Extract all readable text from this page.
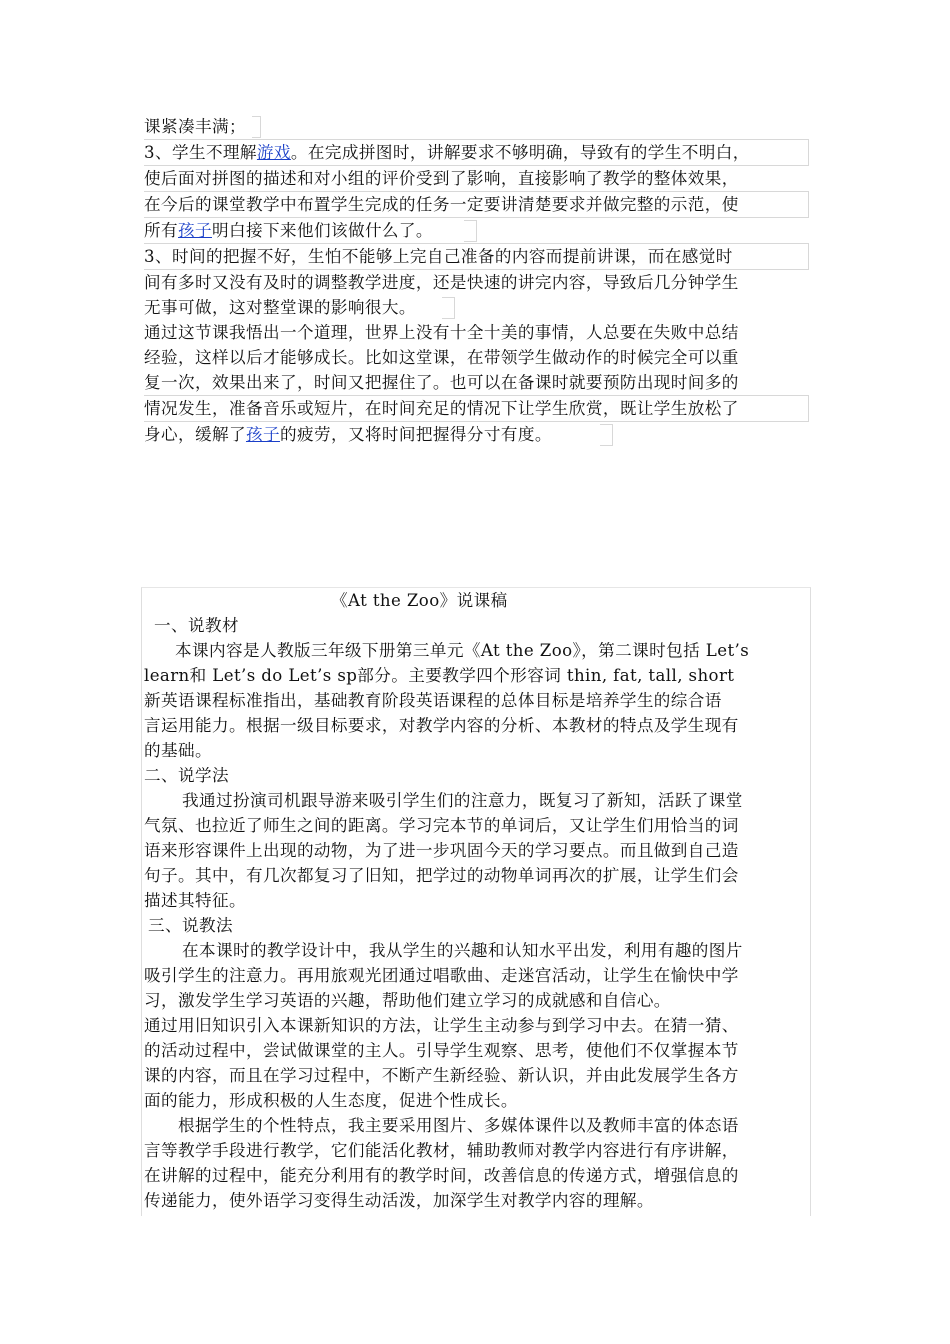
课紧凑丰满；
3、学生不理解游戏。在完成拼图时，讲解要求不够明确，导致有的学生不明白，
使后面对拼图的描述和对小组的评价受到了影响，直接影响了教学的整体效果，
在今后的课堂教学中布置学生完成的任务一定要讲清楚要求并做完整的示范，使
所有孩子明白接下来他们该做什么了。
3、时间的把握不好，生怕不能够上完自己准备的内容而提前讲课，而在感觉时
间有多时又没有及时的调整教学进度，还是快速的讲完内容，导致后几分钟学生
无事可做，这对整堂课的影响很大。
通过这节课我悟出一个道理，世界上没有十全十美的事情，人总要在失败中总结
经验，这样以后才能够成长。比如这堂课，在带领学生做动作的时候完全可以重
复一次，效果出来了，时间又把握住了。也可以在备课时就要预防出现时间多的
情况发生，准备音乐或短片，在时间充足的情况下让学生欣赏，既让学生放松了
身心，缓解了孩子的疲劳，又将时间把握得分寸有度。
《At the Zoo》说课稿
一、说教材
本课内容是人教版三年级下册第三单元《At the Zoo》，第二课时包括 Let’s
learn和 Let’s do Let’s sp部分。主要教学四个形容词 thin, fat, tall, short
新英语课程标准指出，基础教育阶段英语课程的总体目标是培养学生的综合语
言运用能力。根据一级目标要求，对教学内容的分析、本教材的特点及学生现有
的基础。
二、说学法
我通过扮演司机跟导游来吸引学生们的注意力，既复习了新知，活跃了课堂
气氛、也拉近了师生之间的距离。学习完本节的单词后，又让学生们用恰当的词
语来形容课件上出现的动物，为了进一步巩固今天的学习要点。而且做到自己造
句子。其中，有几次都复习了旧知，把学过的动物单词再次的扩展，让学生们会
描述其特征。
三、说教法
在本课时的教学设计中，我从学生的兴趣和认知水平出发，利用有趣的图片
吸引学生的注意力。再用旅观光团通过唱歌曲、走迷宫活动，让学生在愉快中学
习，激发学生学习英语的兴趣，帮助他们建立学习的成就感和自信心。
通过用旧知识引入本课新知识的方法，让学生主动参与到学习中去。在猜一猜、
的活动过程中，尝试做课堂的主人。引导学生观察、思考，使他们不仅掌握本节
课的内容，而且在学习过程中，不断产生新经验、新认识，并由此发展学生各方
面的能力，形成积极的人生态度，促进个性成长。
根据学生的个性特点，我主要采用图片、多媒体课件以及教师丰富的体态语
言等教学手段进行教学，它们能活化教材，辅助教师对教学内容进行有序讲解，
在讲解的过程中，能充分利用有的教学时间，改善信息的传递方式，增强信息的
传递能力，使外语学习变得生动活泼，加深学生对教学内容的理解。
